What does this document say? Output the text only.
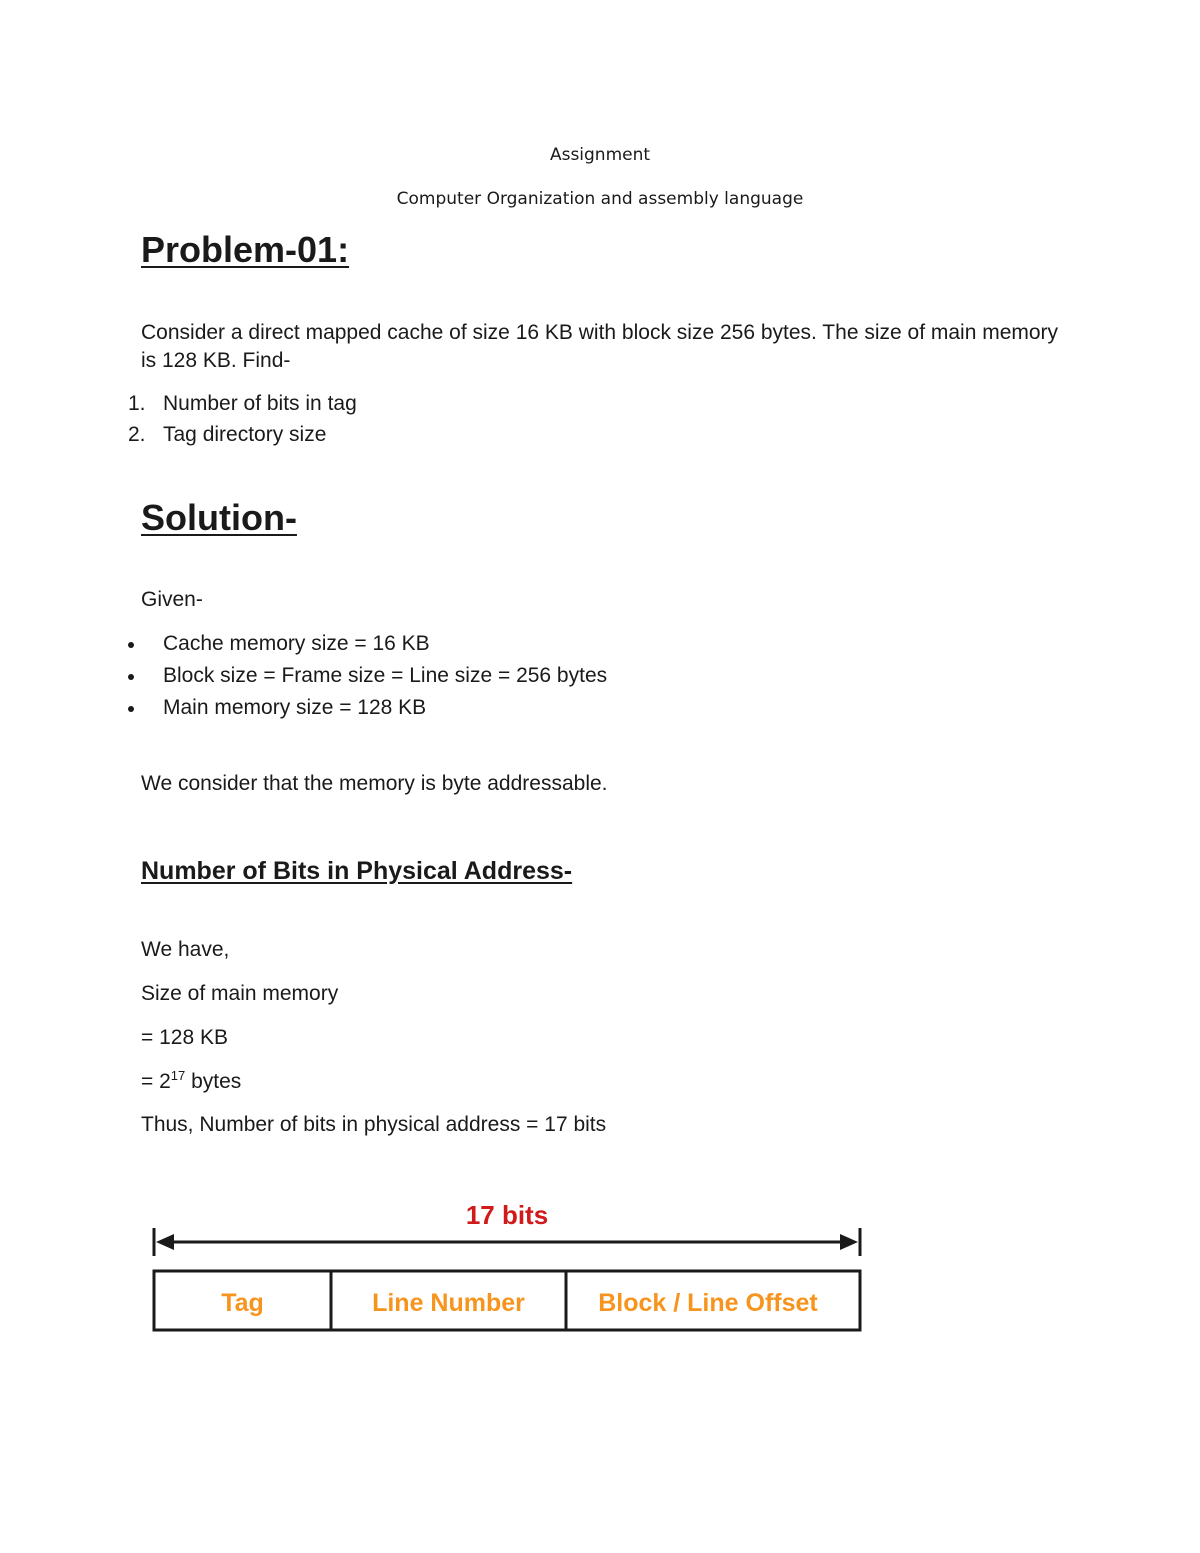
Assignment

Computer Organization and assembly language

Problem-01:

Consider a direct mapped cache of size 16 KB with block size 256 bytes. The size of main memory is 128 KB. Find-

1. Number of bits in tag
2. Tag directory size

Solution-

Given-

Cache memory size = 16 KB
Block size = Frame size = Line size = 256 bytes
Main memory size = 128 KB

We consider that the memory is byte addressable.

Number of Bits in Physical Address-

We have,

Size of main memory

= 128 KB

= $2^{17}$ bytes

Thus, Number of bits in physical address = 17 bits

17 bits
Tag	Line Number	Block / Line Offset
